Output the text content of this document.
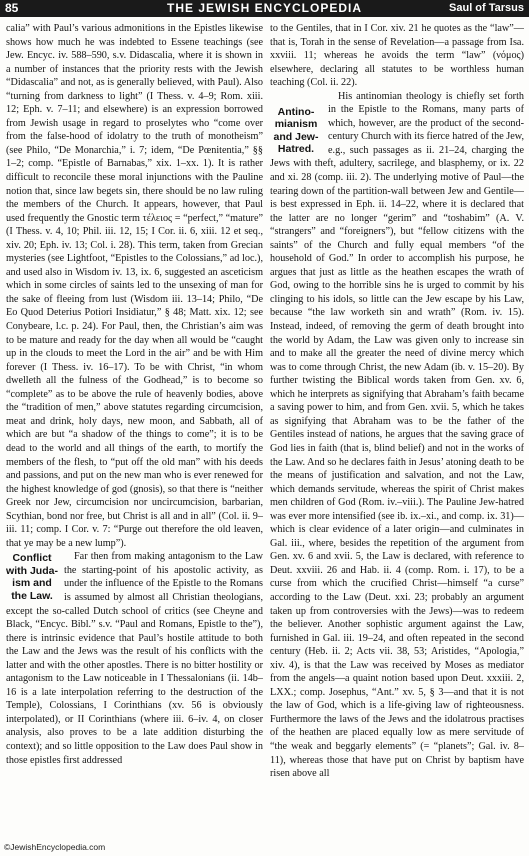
85	THE JEWISH ENCYCLOPEDIA	Saul of Tarsus

calia” with Paul’s various admonitions in the Epistles likewise shows how much he was indebted to Essene teachings (see Jew. Encyc. iv. 588–590, s.v. Didascalia, where it is shown in a number of instances that the priority rests with the Jewish “Didascalia” and not, as is generally believed, with Paul). Also “turning from darkness to light” (I Thess. v. 4–9; Rom. xiii. 12; Eph. v. 7–11; and elsewhere) is an expression borrowed from Jewish usage in regard to proselytes who “come over from the false-hood of idolatry to the truth of monotheism” (see Philo, “De Monarchia,” i. 7; idem, “De Pœnitentia,” §§ 1–2; comp. “Epistle of Barnabas,” xix. 1–xx. 1). It is rather difficult to reconcile these moral injunctions with the Pauline notion that, since law begets sin, there should be no law ruling the members of the Church. It appears, however, that Paul used frequently the Gnostic term τέλειος = “perfect,” “mature” (I Thess. v. 4, 10; Phil. iii. 12, 15; I Cor. ii. 6, xiii. 12 et seq., xiv. 20; Eph. iv. 13; Col. i. 28). This term, taken from Grecian mysteries (see Lightfoot, “Epistles to the Colossians,” ad loc.), and used also in Wisdom iv. 13, ix. 6, suggested an asceticism which in some circles of saints led to the unsexing of man for the sake of fleeing from lust (Wisdom iii. 13–14; Philo, “De Eo Quod Deterius Potiori Insidiatur,” § 48; Matt. xix. 12; see Conybeare, l.c. p. 24). For Paul, then, the Christian’s aim was to be mature and ready for the day when all would be “caught up in the clouds to meet the Lord in the air” and be with Him forever (I Thess. iv. 16–17). To be with Christ, “in whom dwelleth all the fulness of the Godhead,” is to become so “complete” as to be above the rule of heavenly bodies, above the “tradition of men,” above statutes regarding circumcision, meat and drink, holy days, new moon, and Sabbath, all of which are but “a shadow of the things to come”; it is to be dead to the world and all things of the earth, to mortify the members of the flesh, to “put off the old man” with his deeds and passions, and put on the new man who is ever renewed for the highest knowledge of god (gnosis), so that there is “neither Greek nor Jew, circumcision nor uncircumcision, barbarian, Scythian, bond nor free, but Christ is all and in all” (Col. ii. 9–iii. 11; comp. I Cor. v. 7: “Purge out therefore the old leaven, that ye may be a new lump”).

Conflict
with Juda-
ism and
the Law.

Far then from making antagonism to the Law the starting-point of his apostolic activity, as under the influence of the Epistle to the Romans is assumed by almost all Christian theologians, except the so-called Dutch school of critics (see Cheyne and Black, “Encyc. Bibl.” s.v. “Paul and Romans, Epistle to the”), there is intrinsic evidence that Paul’s hostile attitude to both the Law and the Jews was the result of his conflicts with the latter and with the other apostles. There is no bitter hostility or antagonism to the Law noticeable in I Thessalonians (ii. 14b–16 is a late interpolation referring to the destruction of the Temple), Colossians, I Corinthians (xv. 56 is obviously interpolated), or II Corinthians (where iii. 6–iv. 4, on closer analysis, also proves to be a late addition disturbing the context); and so little opposition to the Law does Paul show in those epistles first addressed

to the Gentiles, that in I Cor. xiv. 21 he quotes as the “law”—that is, Torah in the sense of Revelation—a passage from Isa. xxviii. 11; whereas he avoids the term “law” (νόμος) elsewhere, declaring all statutes to be worthless human teaching (Col. ii. 22).

Antino-
mianism
and Jew-
Hatred.

His antinomian theology is chiefly set forth in the Epistle to the Romans, many parts of which, however, are the product of the second-century Church with its fierce hatred of the Jew, e.g., such passages as ii. 21–24, charging the Jews with theft, adultery, sacrilege, and blasphemy, or ix. 22 and xi. 28 (comp. iii. 2). The underlying motive of Paul—the tearing down of the partition-wall between Jew and Gentile—is best expressed in Eph. ii. 14–22, where it is declared that the latter are no longer “gerim” and “toshabim” (A. V. “strangers” and “foreigners”), but “fellow citizens with the saints” of the Church and fully equal members “of the household of God.” In order to accomplish his purpose, he argues that just as little as the heathen escapes the wrath of God, owing to the horrible sins he is urged to commit by his clinging to his idols, so little can the Jew escape by his Law, because “the law worketh sin and wrath” (Rom. iv. 15). Instead, indeed, of removing the germ of death brought into the world by Adam, the Law was given only to increase sin and to make all the greater the need of divine mercy which was to come through Christ, the new Adam (ib. v. 15–20). By further twisting the Biblical words taken from Gen. xv. 6, which he interprets as signifying that Abraham’s faith became a saving power to him, and from Gen. xvii. 5, which he takes as signifying that Abraham was to be the father of the Gentiles instead of nations, he argues that the saving grace of God lies in faith (that is, blind belief) and not in the works of the Law. And so he declares faith in Jesus’ atoning death to be the means of justification and salvation, and not the Law, which demands servitude, whereas the spirit of Christ makes men children of God (Rom. iv.–viii.). The Pauline Jew-hatred was ever more intensified (see ib. ix.–xi., and comp. ix. 31)—which is clear evidence of a later origin—and culminates in Gal. iii., where, besides the repetition of the argument from Gen. xv. 6 and xvii. 5, the Law is declared, with reference to Deut. xxviii. 26 and Hab. ii. 4 (comp. Rom. i. 17), to be a curse from which the crucified Christ—himself “a curse” according to the Law (Deut. xxi. 23; probably an argument taken up from controversies with the Jews)—was to redeem the believer. Another sophistic argument against the Law, furnished in Gal. iii. 19–24, and often repeated in the second century (Heb. ii. 2; Acts vii. 38, 53; Aristides, “Apologia,” xiv. 4), is that the Law was received by Moses as mediator from the angels—a quaint notion based upon Deut. xxxiii. 2, LXX.; comp. Josephus, “Ant.” xv. 5, § 3—and that it is not the law of God, which is a life-giving law of righteousness. Furthermore the laws of the Jews and the idolatrous practises of the heathen are placed equally low as mere servitude of “the weak and beggarly elements” (= “planets”; Gal. iv. 8–11), whereas those that have put on Christ by baptism have risen above all

©JewishEncyclopedia.com
